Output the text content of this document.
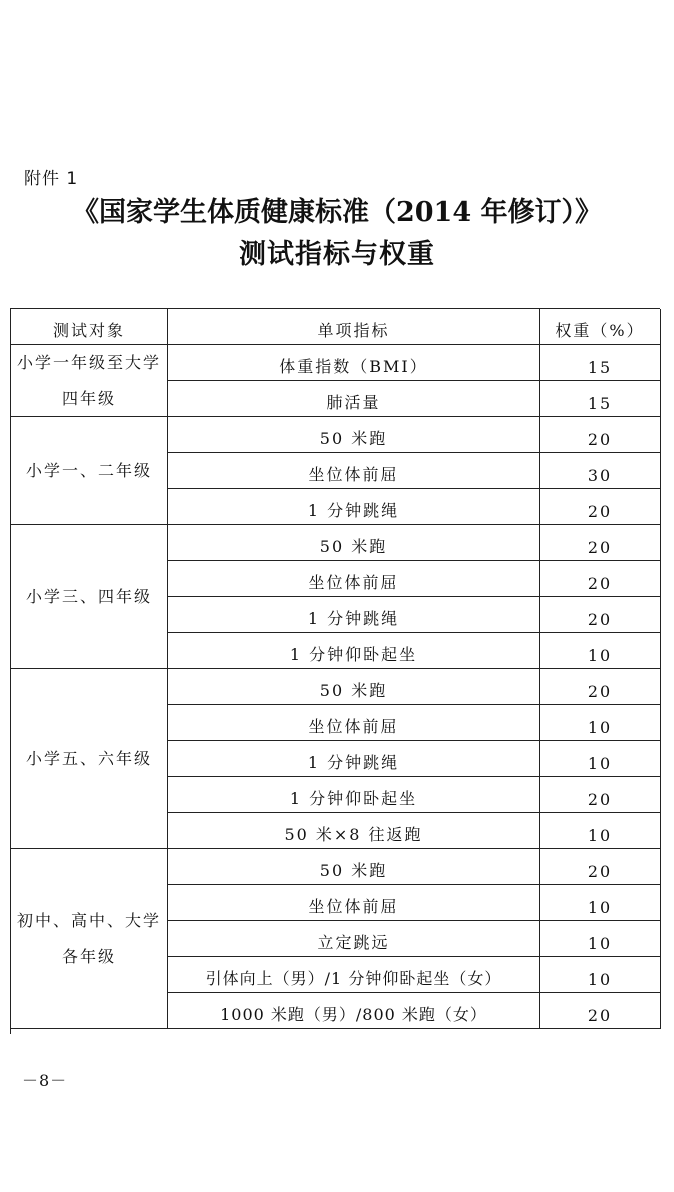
附件 1
《国家学生体质健康标准（2014 年修订）》
测试指标与权重
测试对象	单项指标	权重（%）
小学一年级至大学四年级
体重指数（BMI）	15
肺活量	15
小学一、二年级
50 米跑	20
坐位体前屈	30
1 分钟跳绳	20
小学三、四年级
50 米跑	20
坐位体前屈	20
1 分钟跳绳	20
1 分钟仰卧起坐	10
小学五、六年级
50 米跑	20
坐位体前屈	10
1 分钟跳绳	10
1 分钟仰卧起坐	20
50 米×8 往返跑	10
初中、高中、大学各年级
50 米跑	20
坐位体前屈	10
立定跳远	10
引体向上（男）/1 分钟仰卧起坐（女）	10
1000 米跑（男）/800 米跑（女）	20
－8－
